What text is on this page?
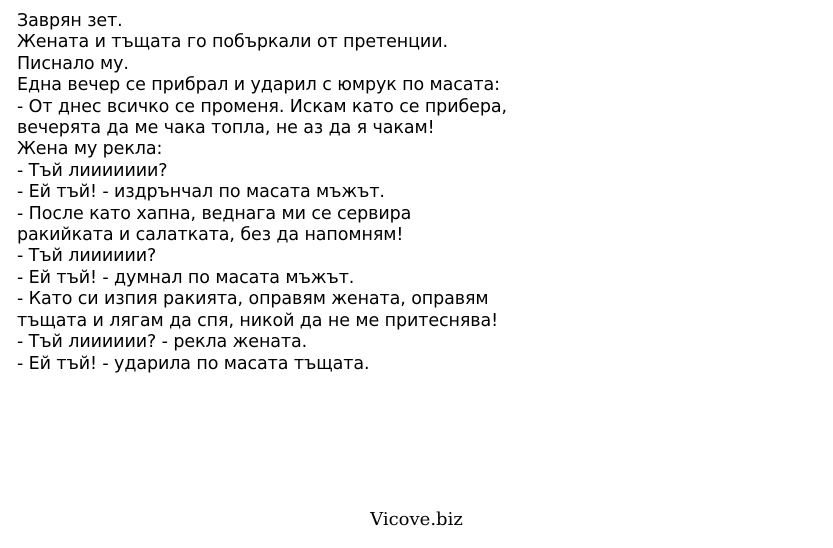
Заврян зет.
Жената и тъщата го побъркали от претенции.
Писнало му.
Една вечер се прибрал и ударил с юмрук по масата:
- От днес всичко се променя. Искам като се прибера,
вечерята да ме чака топла, не аз да я чакам!
Жена му рекла:
- Тъй лиииииии?
- Ей тъй! - издрънчал по масата мъжът.
- После като хапна, веднага ми се сервира
ракийката и салатката, без да напомням!
- Тъй лииииии?
- Ей тъй! - думнал по масата мъжът.
- Като си изпия ракията, оправям жената, оправям
тъщата и лягам да спя, никой да не ме притеснява!
- Тъй лииииии? - рекла жената.
- Ей тъй! - ударила по масата тъщата.
Vicove.biz
